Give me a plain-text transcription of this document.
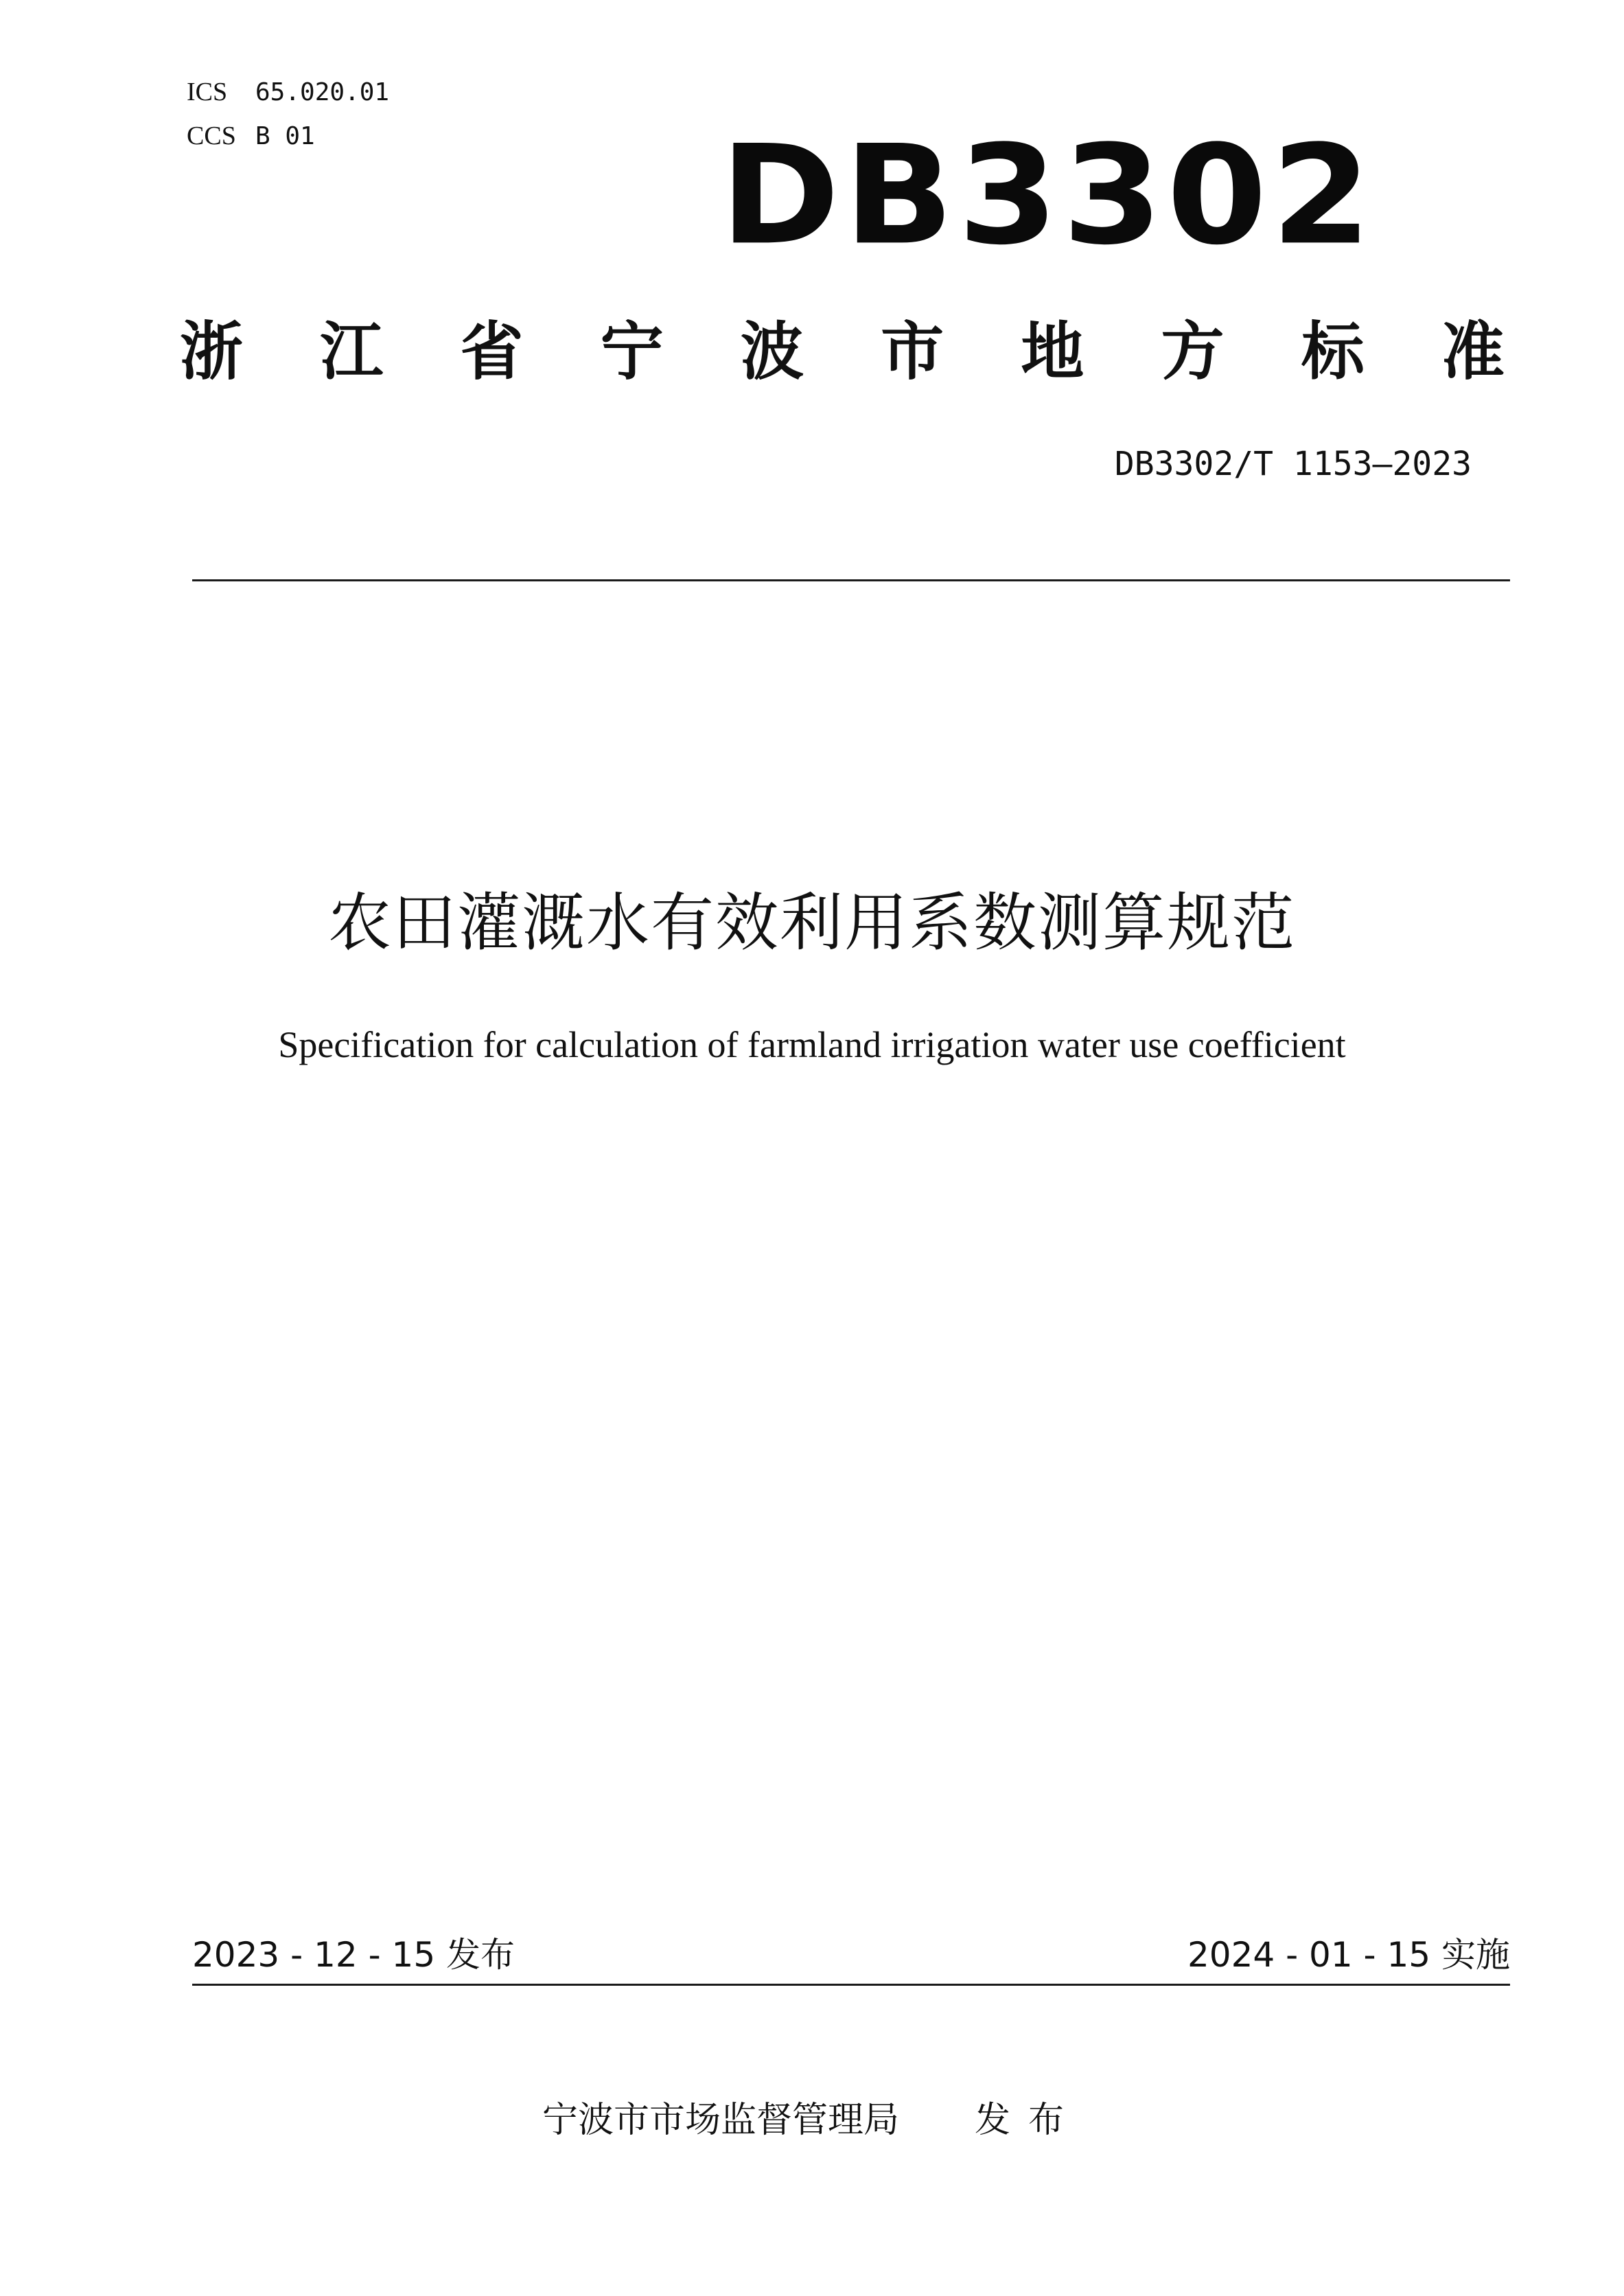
ICS 65.020.01
CCS B 01	DB3302
浙 江 省 宁 波 市 地 方 标 准
DB3302/T 1153—2023
农田灌溉水有效利用系数测算规范
Specification for calculation of farmland irrigation water use coefficient
2023 - 12 - 15 发布	2024 - 01 - 15 实施
宁波市市场监督管理局 发布
